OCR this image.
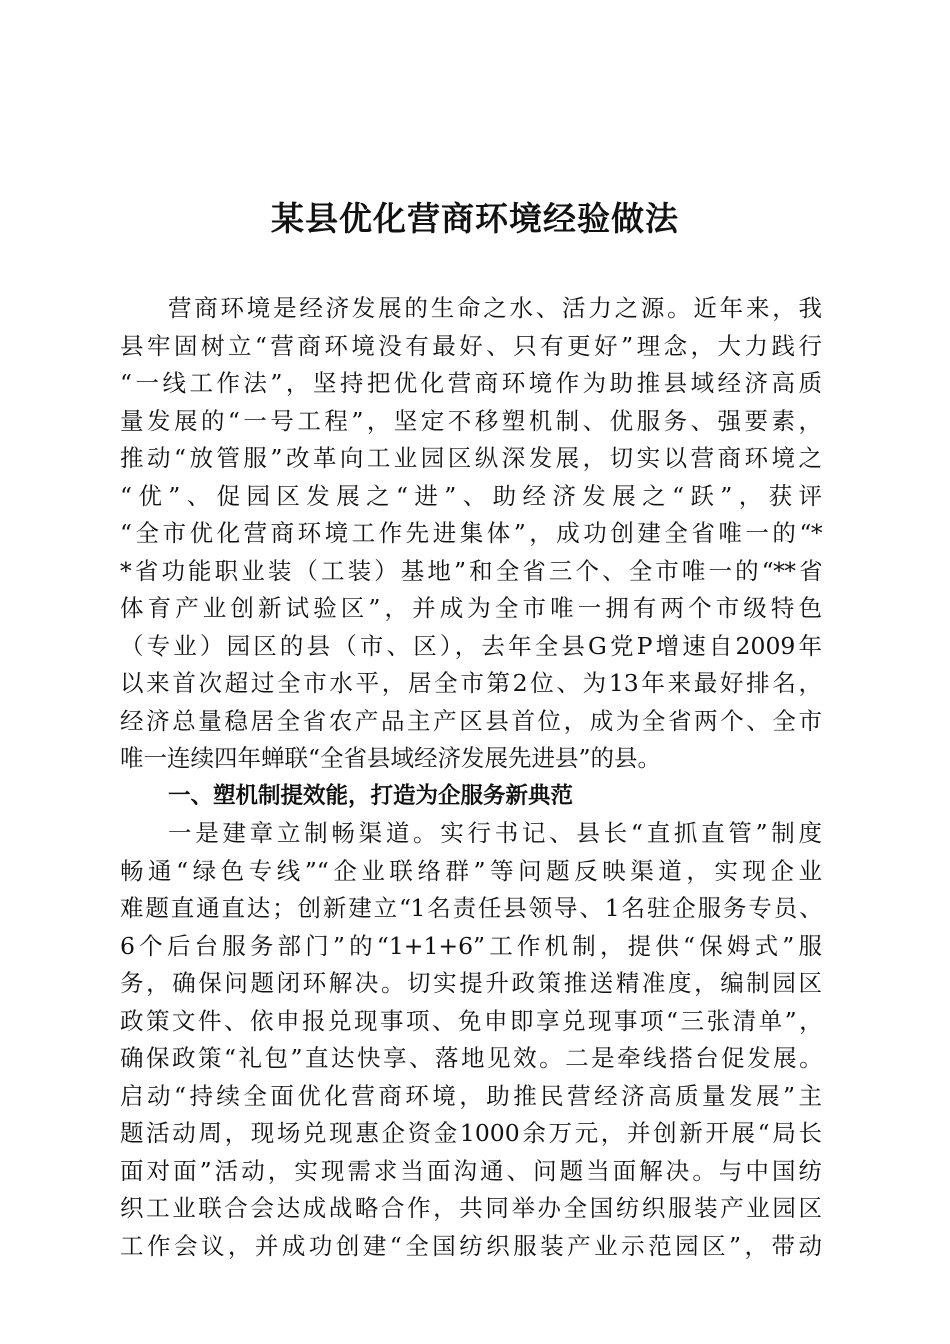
某县优化营商环境经验做法
营商环境是经济发展的生命之水、活力之源。近年来，我
县牢固树立“营商环境没有最好、只有更好”理念，大力践行
“一线工作法”，坚持把优化营商环境作为助推县域经济高质
量发展的“一号工程”，坚定不移塑机制、优服务、强要素，
推动“放管服”改革向工业园区纵深发展，切实以营商环境之
“优”、促园区发展之“进”、助经济发展之“跃”，获评
“全市优化营商环境工作先进集体”，成功创建全省唯一的“*
*省功能职业装（工装）基地”和全省三个、全市唯一的“**省
体育产业创新试验区”，并成为全市唯一拥有两个市级特色
（专业）园区的县（市、区），去年全县G党P增速自2009年
以来首次超过全市水平，居全市第2位、为13年来最好排名，
经济总量稳居全省农产品主产区县首位，成为全省两个、全市
唯一连续四年蝉联“全省县域经济发展先进县”的县。
一、塑机制提效能，打造为企服务新典范
一是建章立制畅渠道。实行书记、县长“直抓直管”制度
畅通“绿色专线”“企业联络群”等问题反映渠道，实现企业
难题直通直达；创新建立“1名责任县领导、1名驻企服务专员、
6个后台服务部门”的“1+1+6”工作机制，提供“保姆式”服
务，确保问题闭环解决。切实提升政策推送精准度，编制园区
政策文件、依申报兑现事项、免申即享兑现事项“三张清单”，
确保政策“礼包”直达快享、落地见效。二是牵线搭台促发展。
启动“持续全面优化营商环境，助推民营经济高质量发展”主
题活动周，现场兑现惠企资金1000余万元，并创新开展“局长
面对面”活动，实现需求当面沟通、问题当面解决。与中国纺
织工业联合会达成战略合作，共同举办全国纺织服装产业园区
工作会议，并成功创建“全国纺织服装产业示范园区”，带动
